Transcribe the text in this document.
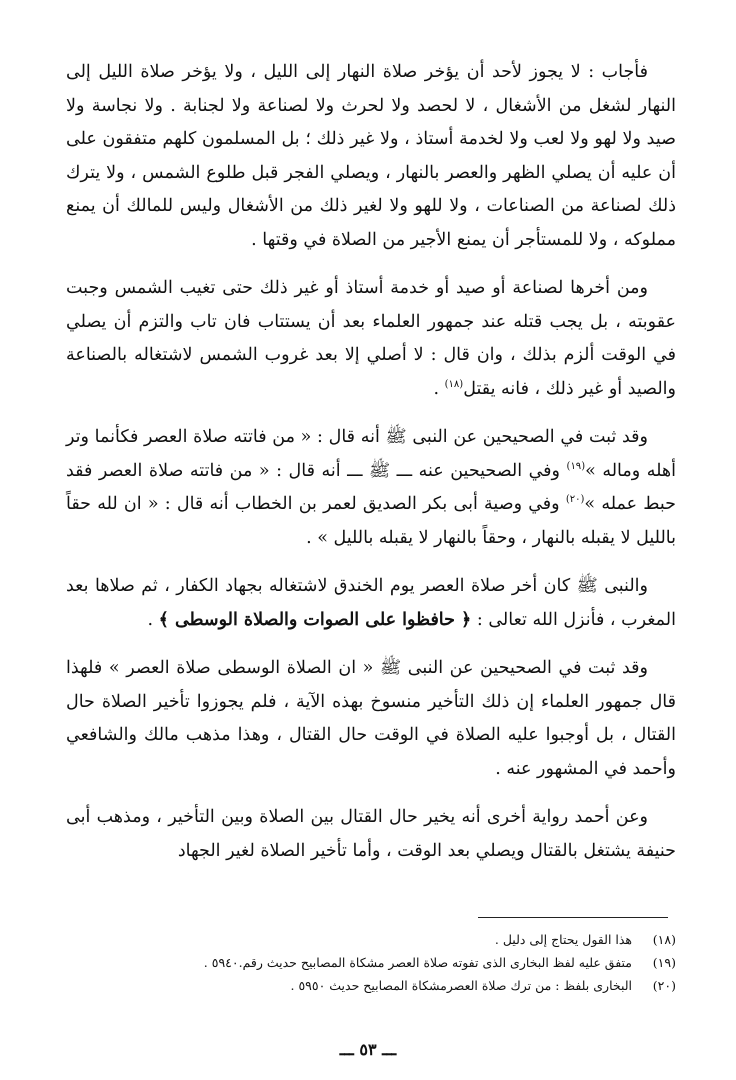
فأجاب : لا يجوز لأحد أن يؤخر صلاة النهار إلى الليل ، ولا يؤخر صلاة الليل إلى النهار لشغل من الأشغال ، لا لحصد ولا لحرث ولا لصناعة ولا لجنابة . ولا نجاسة ولا صيد ولا لهو ولا لعب ولا لخدمة أستاذ ، ولا غير ذلك ؛ بل المسلمون كلهم متفقون على أن عليه أن يصلي الظهر والعصر بالنهار ، ويصلي الفجر قبل طلوع الشمس ، ولا يترك ذلك لصناعة من الصناعات ، ولا للهو ولا لغير ذلك من الأشغال وليس للمالك أن يمنع مملوكه ، ولا للمستأجر أن يمنع الأجير من الصلاة في وقتها .

ومن أخرها لصناعة أو صيد أو خدمة أستاذ أو غير ذلك حتى تغيب الشمس وجبت عقوبته ، بل يجب قتله عند جمهور العلماء بعد أن يستتاب فان تاب والتزم أن يصلي في الوقت ألزم بذلك ، وان قال : لا أصلي إلا بعد غروب الشمس لاشتغاله بالصناعة والصيد أو غير ذلك ، فانه يقتل$^{(١٨)}$ .

وقد ثبت في الصحيحين عن النبى ﷺ أنه قال : « من فاتته صلاة العصر فكأنما وتر أهله وماله »$^{(١٩)}$ وفي الصحيحين عنه ـــ ﷺ ـــ أنه قال : « من فاتته صلاة العصر فقد حبط عمله »$^{(٢٠)}$ وفي وصية أبى بكر الصديق لعمر بن الخطاب أنه قال : « ان لله حقاً بالليل لا يقبله بالنهار ، وحقاً بالنهار لا يقبله بالليل » .

والنبى ﷺ كان أخر صلاة العصر يوم الخندق لاشتغاله بجهاد الكفار ، ثم صلاها بعد المغرب ، فأنزل الله تعالى : ﴿ حافظوا على الصوات والصلاة الوسطى ﴾ .

وقد ثبت في الصحيحين عن النبى ﷺ « ان الصلاة الوسطى صلاة العصر » فلهذا قال جمهور العلماء إن ذلك التأخير منسوخ بهذه الآية ، فلم يجوزوا تأخير الصلاة حال القتال ، بل أوجبوا عليه الصلاة في الوقت حال القتال ، وهذا مذهب مالك والشافعي وأحمد في المشهور عنه .

وعن أحمد رواية أخرى أنه يخير حال القتال بين الصلاة وبين التأخير ، ومذهب أبى حنيفة يشتغل بالقتال ويصلي بعد الوقت ، وأما تأخير الصلاة لغير الجهاد

(١٨) هذا القول يحتاج إلى دليل .

(١٩) متفق عليه لفظ البخارى الذى تفوته صلاة العصر مشكاة المصابيح حديث رقم.٥٩٤٠ .

(٢٠) البخارى بلفظ : من ترك صلاة العصرمشكاة المصابيح حديث ٥٩٥٠ .

ـــ ٥٣ ـــ
